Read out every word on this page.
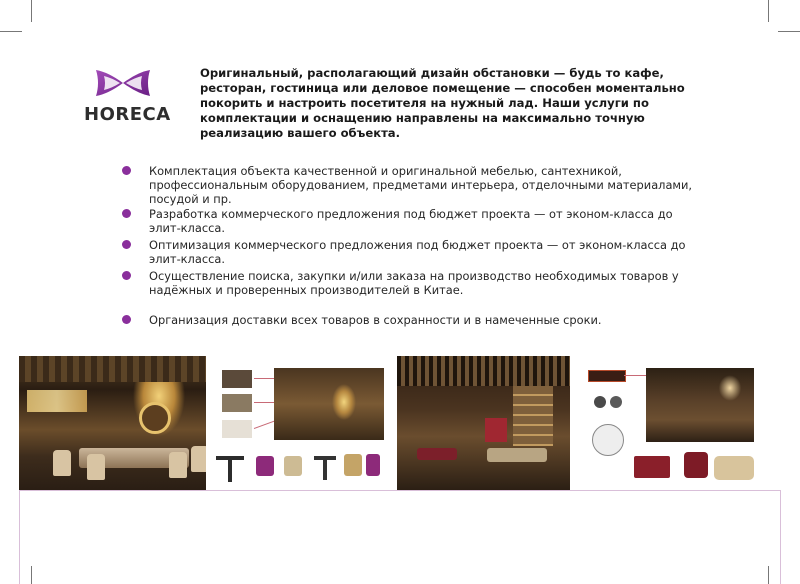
HORECA
Оригинальный, располагающий дизайн обстановки — будь то кафе, ресторан, гостиница или деловое помещение — способен моментально покорить и настроить посетителя на нужный лад. Наши услуги по комплектации и оснащению направлены на максимально точную реализацию вашего объекта.
Комплектация объекта качественной и оригинальной мебелью, сантехникой, профессиональным оборудованием, предметами интерьера, отделочными материалами, посудой и пр.
Разработка коммерческого предложения под бюджет проекта — от эконом-класса до элит-класса.
Оптимизация коммерческого предложения под бюджет проекта — от эконом-класса до элит-класса.
Осуществление поиска, закупки и/или заказа на производство необходимых товаров у надёжных и проверенных производителей в Китае.
Организация доставки всех товаров в сохранности и в намеченные сроки.
